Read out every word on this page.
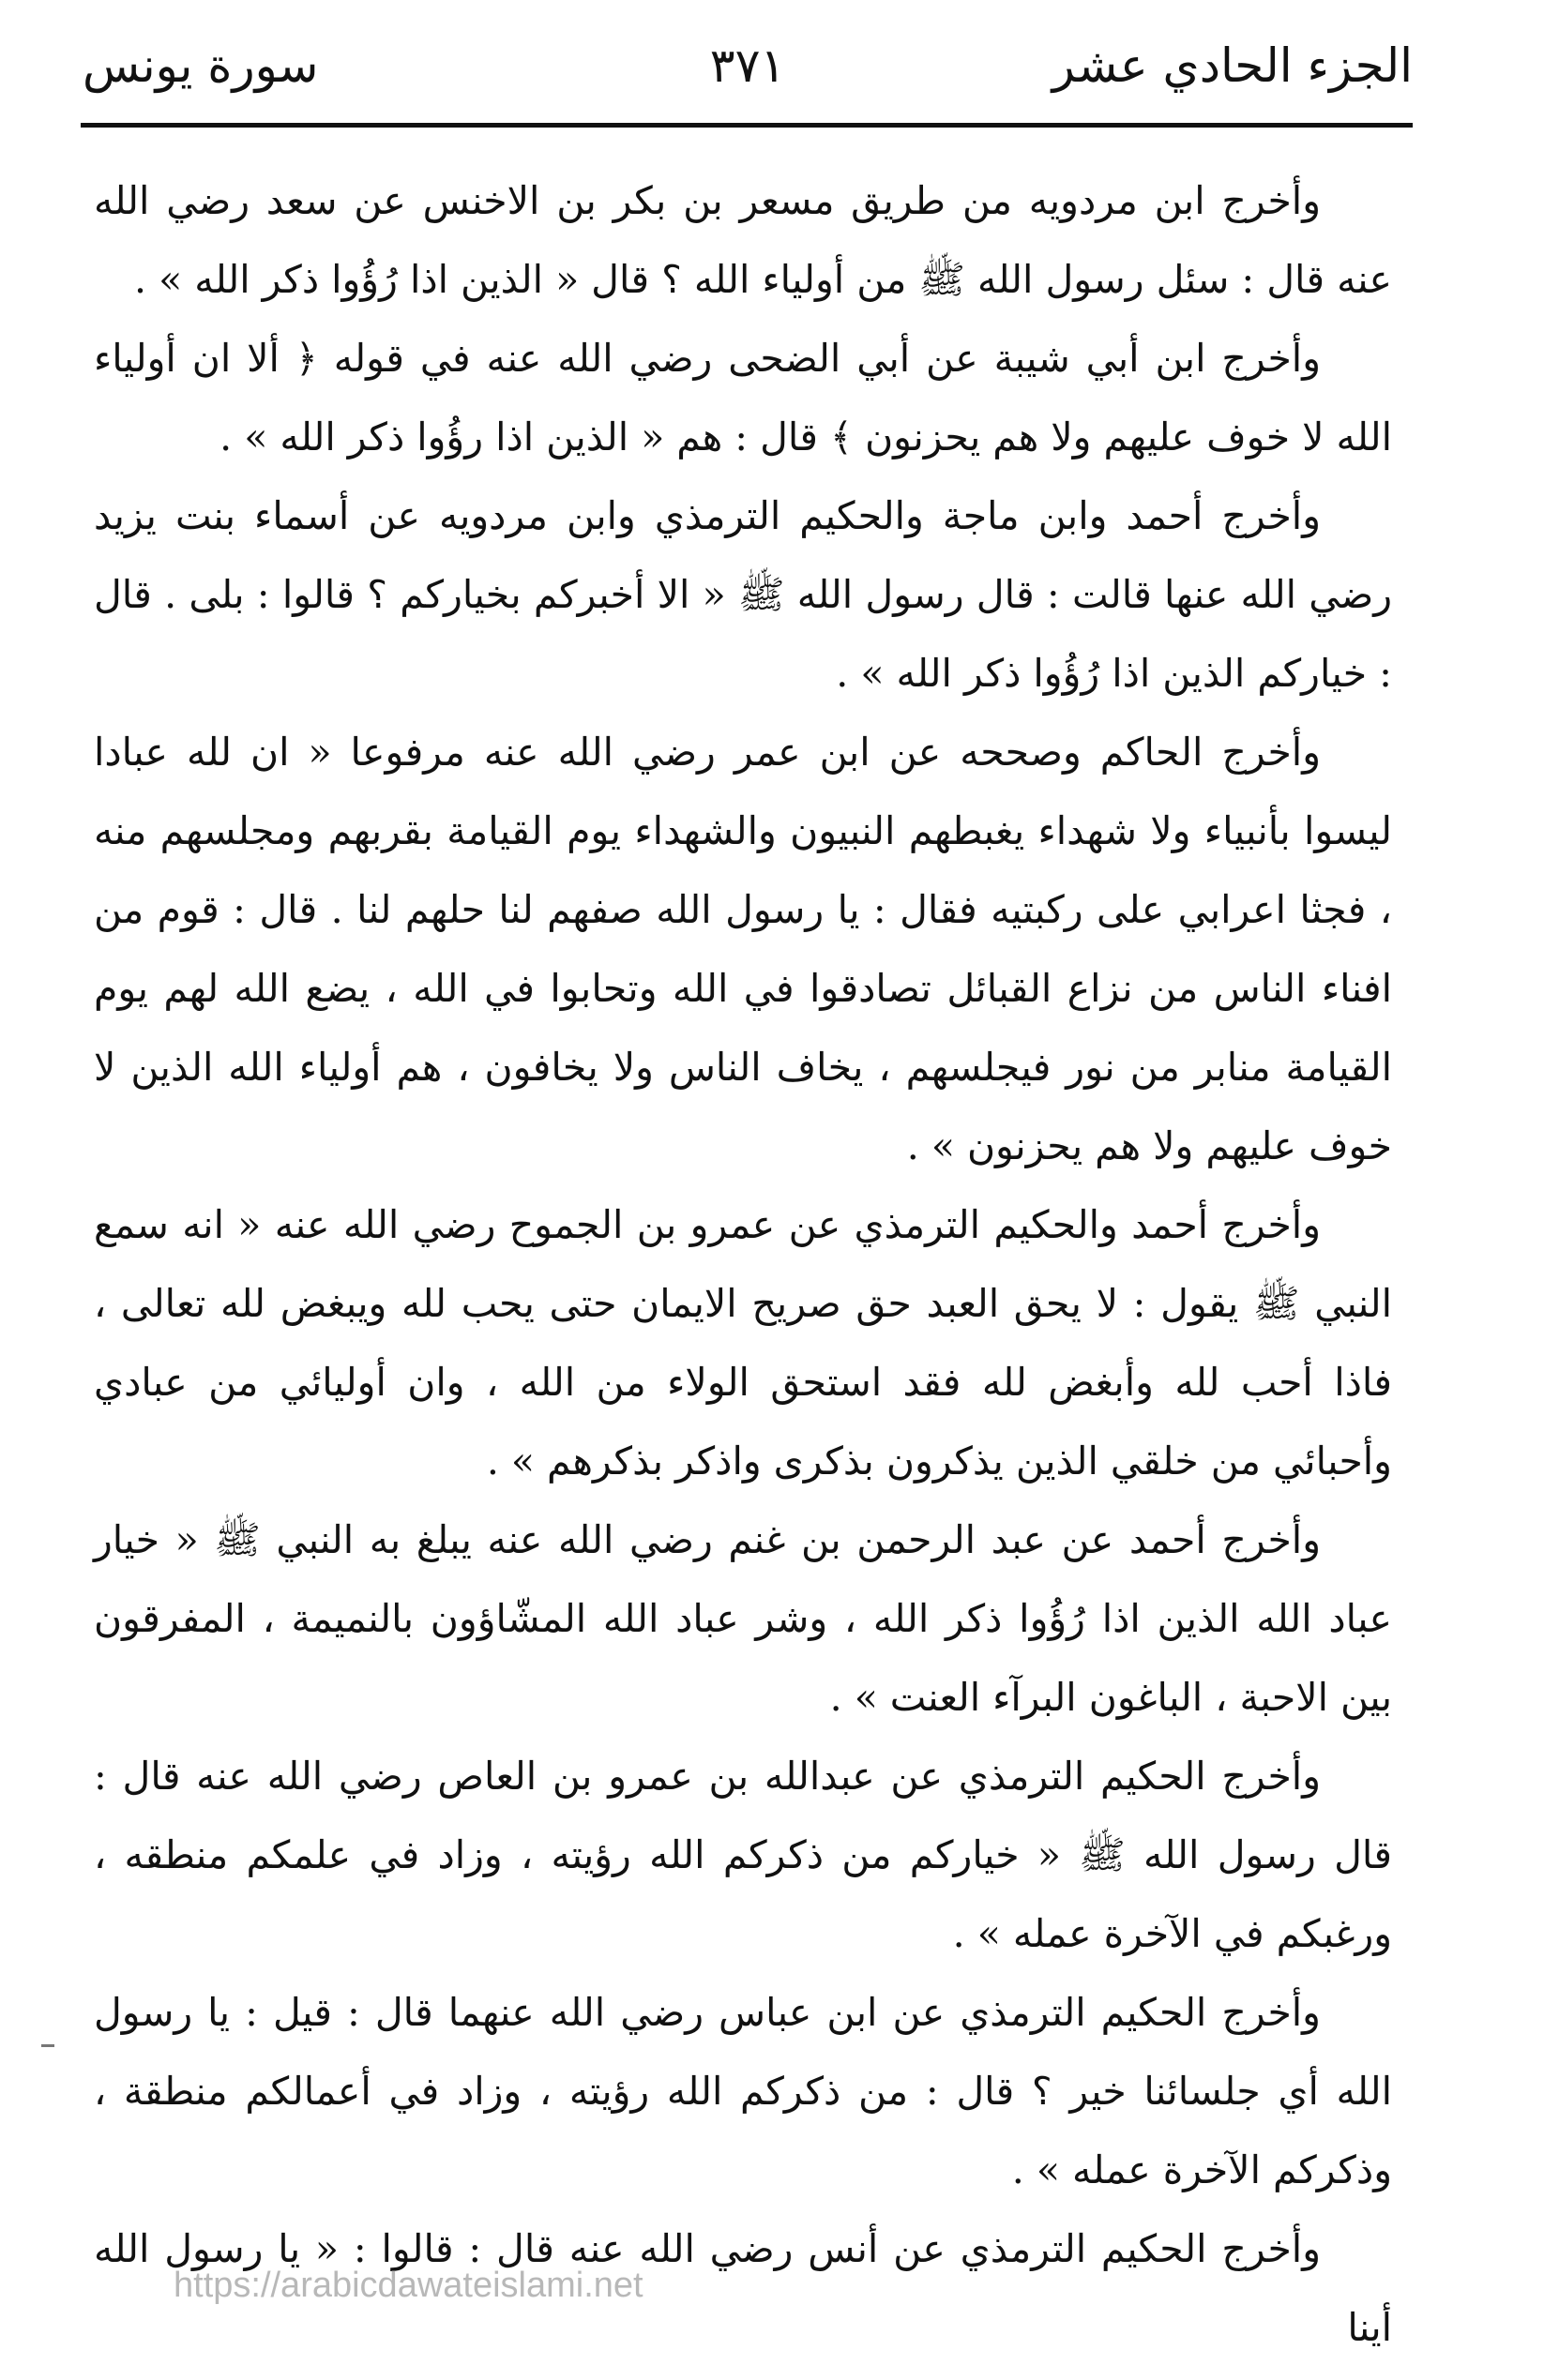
الجزء الحادي عشر
٣٧١
سورة يونس

وأخرج ابن مردويه من طريق مسعر بن بكر بن الاخنس عن سعد رضي الله عنه قال : سئل رسول الله ﷺ من أولياء الله ؟ قال « الذين اذا رُؤُوا ذكر الله » .

وأخرج ابن أبي شيبة عن أبي الضحى رضي الله عنه في قوله ﴿ ألا ان أولياء الله لا خوف عليهم ولا هم يحزنون ﴾ قال : هم « الذين اذا رؤُوا ذكر الله » .

وأخرج أحمد وابن ماجة والحكيم الترمذي وابن مردويه عن أسماء بنت يزيد رضي الله عنها قالت : قال رسول الله ﷺ « الا أخبركم بخياركم ؟ قالوا : بلى . قال : خياركم الذين اذا رُؤُوا ذكر الله » .

وأخرج الحاكم وصححه عن ابن عمر رضي الله عنه مرفوعا « ان لله عبادا ليسوا بأنبياء ولا شهداء يغبطهم النبيون والشهداء يوم القيامة بقربهم ومجلسهم منه ، فجثا اعرابي على ركبتيه فقال : يا رسول الله صفهم لنا حلهم لنا . قال : قوم من افناء الناس من نزاع القبائل تصادقوا في الله وتحابوا في الله ، يضع الله لهم يوم القيامة منابر من نور فيجلسهم ، يخاف الناس ولا يخافون ، هم أولياء الله الذين لا خوف عليهم ولا هم يحزنون » .

وأخرج أحمد والحكيم الترمذي عن عمرو بن الجموح رضي الله عنه « انه سمع النبي ﷺ يقول : لا يحق العبد حق صريح الايمان حتى يحب لله ويبغض لله تعالى ، فاذا أحب لله وأبغض لله فقد استحق الولاء من الله ، وان أوليائي من عبادي وأحبائي من خلقي الذين يذكرون بذكرى واذكر بذكرهم » .

وأخرج أحمد عن عبد الرحمن بن غنم رضي الله عنه يبلغ به النبي ﷺ « خيار عباد الله الذين اذا رُؤُوا ذكر الله ، وشر عباد الله المشّاؤون بالنميمة ، المفرقون بين الاحبة ، الباغون البرآء العنت » .

وأخرج الحكيم الترمذي عن عبدالله بن عمرو بن العاص رضي الله عنه قال : قال رسول الله ﷺ « خياركم من ذكركم الله رؤيته ، وزاد في علمكم منطقه ، ورغبكم في الآخرة عمله » .

وأخرج الحكيم الترمذي عن ابن عباس رضي الله عنهما قال : قيل : يا رسول الله أي جلسائنا خير ؟ قال : من ذكركم الله رؤيته ، وزاد في أعمالكم منطقة ، وذكركم الآخرة عمله » .

وأخرج الحكيم الترمذي عن أنس رضي الله عنه قال : قالوا : « يا رسول الله أينا

https://arabicdawateislami.net
